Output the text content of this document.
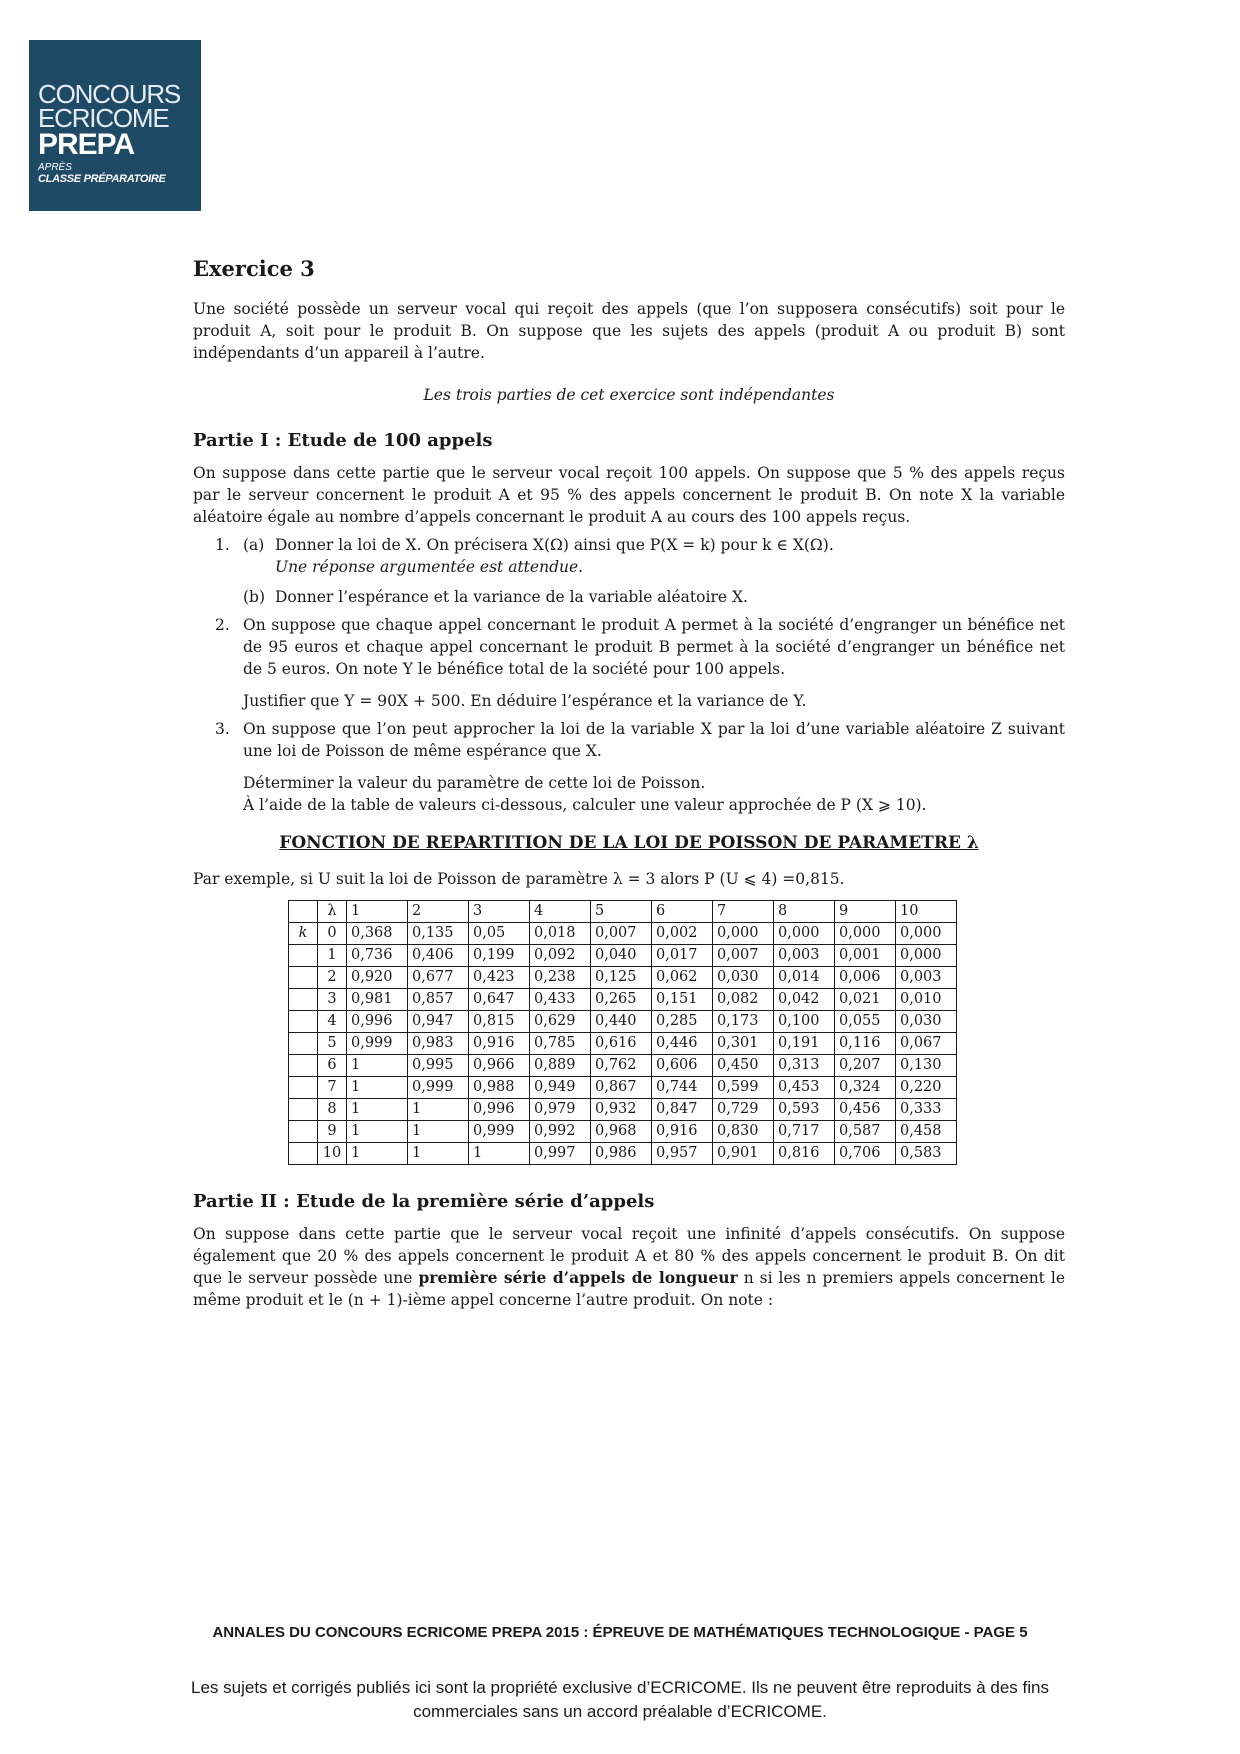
CONCOURS
ECRICOME
PREPA
APRÈS
CLASSE PRÉPARATOIRE
Exercice 3

Une société possède un serveur vocal qui reçoit des appels (que l’on supposera consécutifs) soit pour le produit A, soit pour le produit B. On suppose que les sujets des appels (produit A ou produit B) sont indépendants d’un appareil à l’autre.

Les trois parties de cet exercice sont indépendantes

Partie I : Etude de 100 appels

On suppose dans cette partie que le serveur vocal reçoit 100 appels. On suppose que 5 % des appels reçus par le serveur concernent le produit A et 95 % des appels concernent le produit B. On note X la variable aléatoire égale au nombre d’appels concernant le produit A au cours des 100 appels reçus.

1. (a) Donner la loi de X. On précisera X(Ω) ainsi que P(X = k) pour k ∈ X(Ω).
Une réponse argumentée est attendue.
(b) Donner l’espérance et la variance de la variable aléatoire X.
2. On suppose que chaque appel concernant le produit A permet à la société d’engranger un bénéfice net de 95 euros et chaque appel concernant le produit B permet à la société d’engranger un bénéfice net de 5 euros. On note Y le bénéfice total de la société pour 100 appels.

Justifier que Y = 90X + 500. En déduire l’espérance et la variance de Y.

3. On suppose que l’on peut approcher la loi de la variable X par la loi d’une variable aléatoire Z suivant une loi de Poisson de même espérance que X.

Déterminer la valeur du paramètre de cette loi de Poisson.

À l’aide de la table de valeurs ci-dessous, calculer une valeur approchée de P (X ⩾ 10).

FONCTION DE REPARTITION DE LA LOI DE POISSON DE PARAMETRE λ

Par exemple, si U suit la loi de Poisson de paramètre λ = 3 alors P (U ⩽ 4) =0,815.

	λ	1	2	3	4	5	6	7	8	9	10
k	0	0,368	0,135	0,05	0,018	0,007	0,002	0,000	0,000	0,000	0,000
	1	0,736	0,406	0,199	0,092	0,040	0,017	0,007	0,003	0,001	0,000
	2	0,920	0,677	0,423	0,238	0,125	0,062	0,030	0,014	0,006	0,003
	3	0,981	0,857	0,647	0,433	0,265	0,151	0,082	0,042	0,021	0,010
	4	0,996	0,947	0,815	0,629	0,440	0,285	0,173	0,100	0,055	0,030
	5	0,999	0,983	0,916	0,785	0,616	0,446	0,301	0,191	0,116	0,067
	6	1	0,995	0,966	0,889	0,762	0,606	0,450	0,313	0,207	0,130
	7	1	0,999	0,988	0,949	0,867	0,744	0,599	0,453	0,324	0,220
	8	1	1	0,996	0,979	0,932	0,847	0,729	0,593	0,456	0,333
	9	1	1	0,999	0,992	0,968	0,916	0,830	0,717	0,587	0,458
	10	1	1	1	0,997	0,986	0,957	0,901	0,816	0,706	0,583
Partie II : Etude de la première série d’appels

On suppose dans cette partie que le serveur vocal reçoit une infinité d’appels consécutifs. On suppose également que 20 % des appels concernent le produit A et 80 % des appels concernent le produit B. On dit que le serveur possède une première série d’appels de longueur n si les n premiers appels concernent le même produit et le (n + 1)-ième appel concerne l’autre produit. On note :

ANNALES DU CONCOURS ECRICOME PREPA 2015 : ÉPREUVE DE MATHÉMATIQUES TECHNOLOGIQUE - PAGE 5
Les sujets et corrigés publiés ici sont la propriété exclusive d’ECRICOME. Ils ne peuvent être reproduits à des fins commerciales sans un accord préalable d’ECRICOME.
